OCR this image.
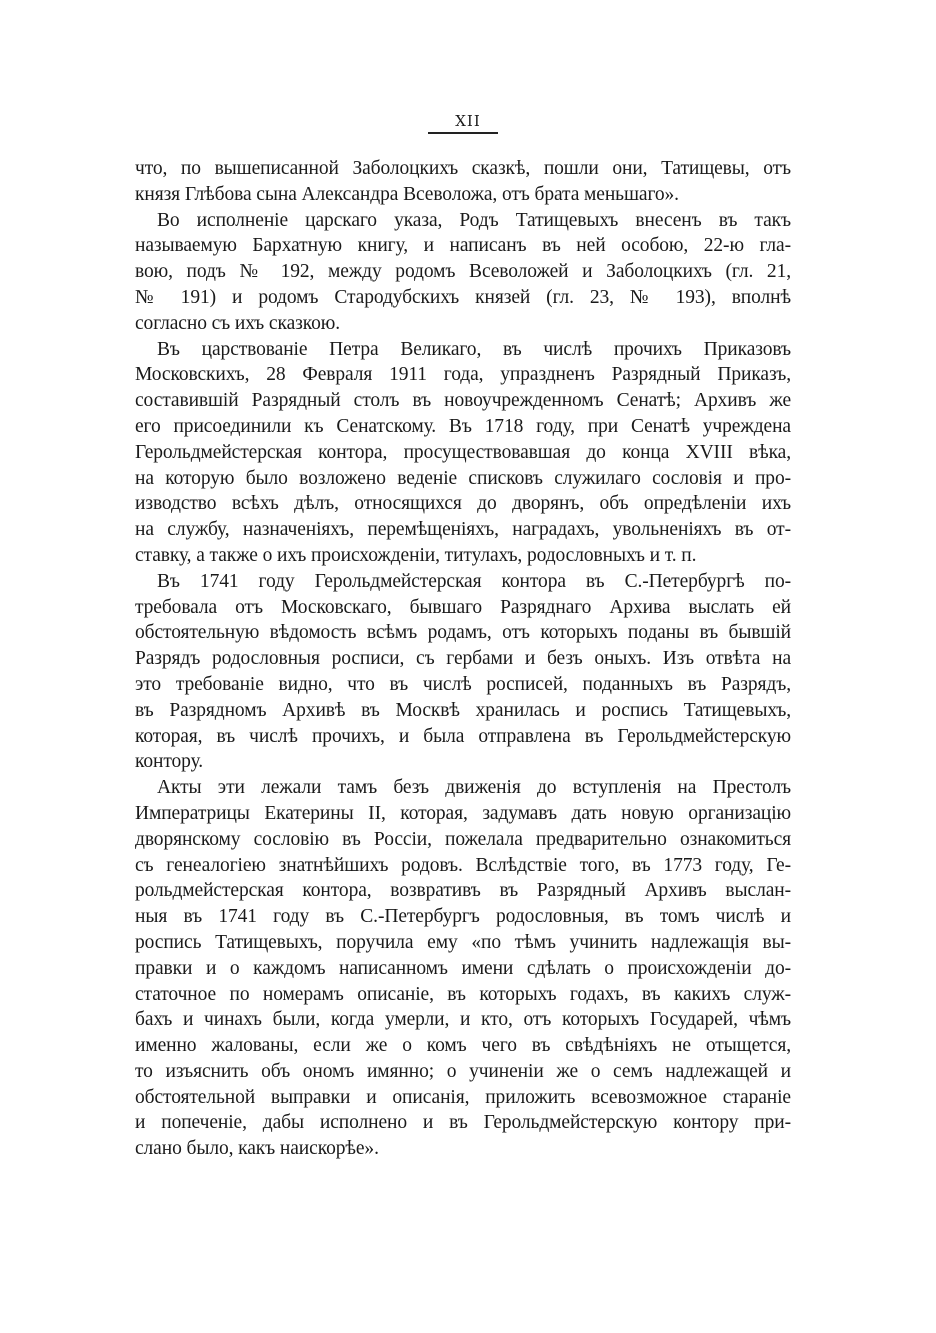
XII
что, по вышеписанной Заболоцкихъ сказкѣ, пошли они, Татищевы, отъ
князя Глѣбова сына Александра Всеволожа, отъ брата меньшаго».
Во исполненіе царскаго указа, Родъ Татищевыхъ внесенъ въ такъ
называемую Бархатную книгу, и написанъ въ ней особою, 22-ю гла-
вою, подъ № 192, между родомъ Всеволожей и Заболоцкихъ (гл. 21,
№ 191) и родомъ Стародубскихъ князей (гл. 23, № 193), вполнѣ
согласно съ ихъ сказкою.
Въ царствованіе Петра Великаго, въ числѣ прочихъ Приказовъ
Московскихъ, 28 Февраля 1911 года, упраздненъ Разрядный Приказъ,
составившій Разрядный столъ въ новоучрежденномъ Сенатѣ; Архивъ же
его присоединили къ Сенатскому. Въ 1718 году, при Сенатѣ учреждена
Герольдмейстерская контора, просуществовавшая до конца XVIII вѣка,
на которую было возложено веденіе списковъ служилаго сословія и про-
изводство всѣхъ дѣлъ, относящихся до дворянъ, объ опредѣленіи ихъ
на службу, назначеніяхъ, перемѣщеніяхъ, наградахъ, увольненіяхъ въ от-
ставку, а также о ихъ происхожденіи, титулахъ, родословныхъ и т. п.
Въ 1741 году Герольдмейстерская контора въ С.-Петербургѣ по-
требовала отъ Московскаго, бывшаго Разряднаго Архива выслать ей
обстоятельную вѣдомость всѣмъ родамъ, отъ которыхъ поданы въ бывшій
Разрядъ родословныя росписи, съ гербами и безъ оныхъ. Изъ отвѣта на
это требованіе видно, что въ числѣ росписей, поданныхъ въ Разрядъ,
въ Разрядномъ Архивѣ въ Москвѣ хранилась и роспись Татищевыхъ,
которая, въ числѣ прочихъ, и была отправлена въ Герольдмейстерскую
контору.
Акты эти лежали тамъ безъ движенія до вступленія на Престолъ
Императрицы Екатерины II, которая, задумавъ дать новую организацію
дворянскому сословію въ Россіи, пожелала предварительно ознакомиться
съ генеалогіею знатнѣйшихъ родовъ. Вслѣдствіе того, въ 1773 году, Ге-
рольдмейстерская контора, возвративъ въ Разрядный Архивъ выслан-
ныя въ 1741 году въ С.-Петербургъ родословныя, въ томъ числѣ и
роспись Татищевыхъ, поручила ему «по тѣмъ учинить надлежащія вы-
правки и о каждомъ написанномъ имени сдѣлать о происхожденіи до-
статочное по номерамъ описаніе, въ которыхъ годахъ, въ какихъ служ-
бахъ и чинахъ были, когда умерли, и кто, отъ которыхъ Государей, чѣмъ
именно жалованы, если же о комъ чего въ свѣдѣніяхъ не отыщется,
то изъяснить объ ономъ имянно; о учиненіи же о семъ надлежащей и
обстоятельной выправки и описанія, приложить всевозможное стараніе
и попеченіе, дабы исполнено и въ Герольдмейстерскую контору при-
слано было, какъ наискорѣе».
